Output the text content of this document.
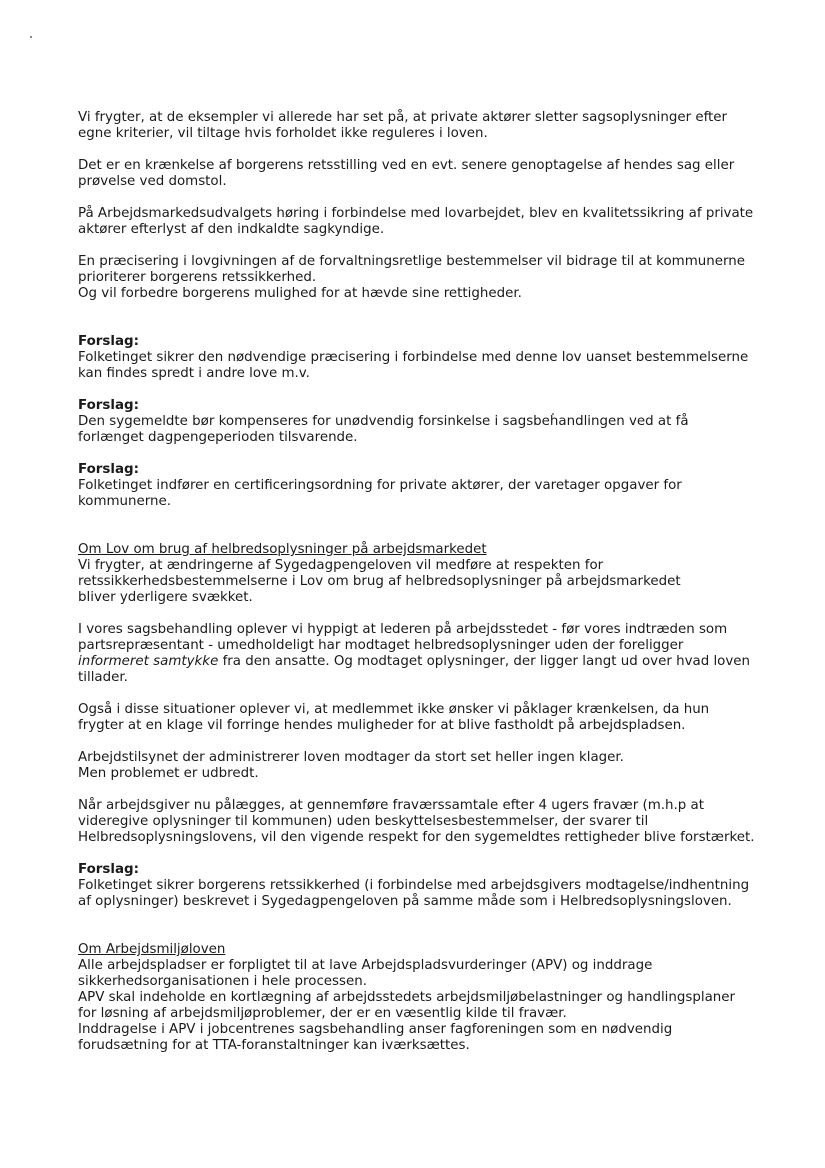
Vi frygter, at de eksempler vi allerede har set på, at private aktører sletter sagsoplysninger efter
egne kriterier, vil tiltage hvis forholdet ikke reguleres i loven.

Det er en krænkelse af borgerens retsstilling ved en evt. senere genoptagelse af hendes sag eller
prøvelse ved domstol.

På Arbejdsmarkedsudvalgets høring i forbindelse med lovarbejdet, blev en kvalitetssikring af private
aktører efterlyst af den indkaldte sagkyndige.

En præcisering i lovgivningen af de forvaltningsretlige bestemmelser vil bidrage til at kommunerne
prioriterer borgerens retssikkerhed.
Og vil forbedre borgerens mulighed for at hævde sine rettigheder.

Forslag:
Folketinget sikrer den nødvendige præcisering i forbindelse med denne lov uanset bestemmelserne
kan findes spredt i andre love m.v.

Forslag:
Den sygemeldte bør kompenseres for unødvendig forsinkelse i sagsbehandlingen ved at få
forlænget dagpengeperioden tilsvarende.

Forslag:
Folketinget indfører en certificeringsordning for private aktører, der varetager opgaver for
kommunerne.

Om Lov om brug af helbredsoplysninger på arbejdsmarkedet
Vi frygter, at ændringerne af Sygedagpengeloven vil medføre at respekten for
retssikkerhedsbestemmelserne i Lov om brug af helbredsoplysninger på arbejdsmarkedet
bliver yderligere svækket.

I vores sagsbehandling oplever vi hyppigt at lederen på arbejdsstedet - før vores indtræden som
partsrepræsentant - umedholdeligt har modtaget helbredsoplysninger uden der foreligger
informeret samtykke fra den ansatte. Og modtaget oplysninger, der ligger langt ud over hvad loven
tillader.

Også i disse situationer oplever vi, at medlemmet ikke ønsker vi påklager krænkelsen, da hun
frygter at en klage vil forringe hendes muligheder for at blive fastholdt på arbejdspladsen.

Arbejdstilsynet der administrerer loven modtager da stort set heller ingen klager.
Men problemet er udbredt.

Når arbejdsgiver nu pålægges, at gennemføre fraværssamtale efter 4 ugers fravær (m.h.p at
videregive oplysninger til kommunen) uden beskyttelsesbestemmelser, der svarer til
Helbredsoplysningslovens, vil den vigende respekt for den sygemeldtes rettigheder blive forstærket.

Forslag:
Folketinget sikrer borgerens retssikkerhed (i forbindelse med arbejdsgivers modtagelse/indhentning
af oplysninger) beskrevet i Sygedagpengeloven på samme måde som i Helbredsoplysningsloven.

Om Arbejdsmiljøloven
Alle arbejdspladser er forpligtet til at lave Arbejdspladsvurderinger (APV) og inddrage
sikkerhedsorganisationen i hele processen.
APV skal indeholde en kortlægning af arbejdsstedets arbejdsmiljøbelastninger og handlingsplaner
for løsning af arbejdsmiljøproblemer, der er en væsentlig kilde til fravær.
Inddragelse i APV i jobcentrenes sagsbehandling anser fagforeningen som en nødvendig
forudsætning for at TTA-foranstaltninger kan iværksættes.
